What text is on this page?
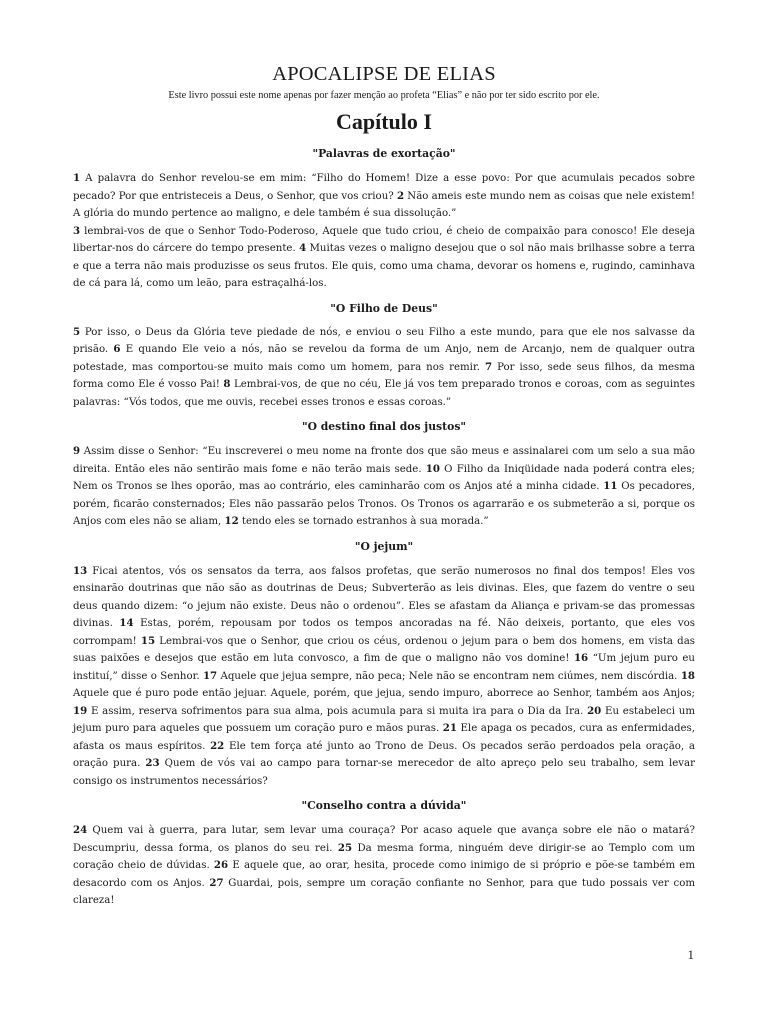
APOCALIPSE DE ELIAS

Este livro possui este nome apenas por fazer menção ao profeta “Elias” e não por ter sido escrito por ele.

Capítulo I
"Palavras de exortação"

1 A palavra do Senhor revelou-se em mim: “Filho do Homem! Dize a esse povo: Por que acumulais pecados sobre pecado? Por que entristeceis a Deus, o Senhor, que vos criou? 2 Não ameis este mundo nem as coisas que nele existem! A glória do mundo pertence ao maligno, e dele também é sua dissolução.”

3 lembrai-vos de que o Senhor Todo-Poderoso, Aquele que tudo criou, é cheio de compaixão para conosco! Ele deseja libertar-nos do cárcere do tempo presente. 4 Muitas vezes o maligno desejou que o sol não mais brilhasse sobre a terra e que a terra não mais produzisse os seus frutos. Ele quis, como uma chama, devorar os homens e, rugindo, caminhava de cá para lá, como um leão, para estraçalhá-los.

"O Filho de Deus"

5 Por isso, o Deus da Glória teve piedade de nós, e enviou o seu Filho a este mundo, para que ele nos salvasse da prisão. 6 E quando Ele veio a nós, não se revelou da forma de um Anjo, nem de Arcanjo, nem de qualquer outra potestade, mas comportou-se muito mais como um homem, para nos remir. 7 Por isso, sede seus filhos, da mesma forma como Ele é vosso Pai! 8 Lembrai-vos, de que no céu, Ele já vos tem preparado tronos e coroas, com as seguintes palavras: “Vós todos, que me ouvis, recebei esses tronos e essas coroas.”

"O destino final dos justos"

9 Assim disse o Senhor: “Eu inscreverei o meu nome na fronte dos que são meus e assinalarei com um selo a sua mão direita. Então eles não sentirão mais fome e não terão mais sede. 10 O Filho da Iniqüidade nada poderá contra eles; Nem os Tronos se lhes oporão, mas ao contrário, eles caminharão com os Anjos até a minha cidade. 11 Os pecadores, porém, ficarão consternados; Eles não passarão pelos Tronos. Os Tronos os agarrarão e os submeterão a si, porque os Anjos com eles não se aliam, 12 tendo eles se tornado estranhos à sua morada.”

"O jejum"

13 Ficai atentos, vós os sensatos da terra, aos falsos profetas, que serão numerosos no final dos tempos! Eles vos ensinarão doutrinas que não são as doutrinas de Deus; Subverterão as leis divinas. Eles, que fazem do ventre o seu deus quando dizem: “o jejum não existe. Deus não o ordenou”. Eles se afastam da Aliança e privam-se das promessas divinas. 14 Estas, porém, repousam por todos os tempos ancoradas na fé. Não deixeis, portanto, que eles vos corrompam! 15 Lembrai-vos que o Senhor, que criou os céus, ordenou o jejum para o bem dos homens, em vista das suas paixões e desejos que estão em luta convosco, a fim de que o maligno não vos domine! 16 “Um jejum puro eu instituí,” disse o Senhor. 17 Aquele que jejua sempre, não peca; Nele não se encontram nem ciúmes, nem discórdia. 18 Aquele que é puro pode então jejuar. Aquele, porém, que jejua, sendo impuro, aborrece ao Senhor, também aos Anjos; 19 E assim, reserva sofrimentos para sua alma, pois acumula para si muita ira para o Dia da Ira. 20 Eu estabeleci um jejum puro para aqueles que possuem um coração puro e mãos puras. 21 Ele apaga os pecados, cura as enfermidades, afasta os maus espíritos. 22 Ele tem força até junto ao Trono de Deus. Os pecados serão perdoados pela oração, a oração pura. 23 Quem de vós vai ao campo para tornar-se merecedor de alto apreço pelo seu trabalho, sem levar consigo os instrumentos necessários?

"Conselho contra a dúvida"

24 Quem vai à guerra, para lutar, sem levar uma couraça? Por acaso aquele que avança sobre ele não o matará? Descumpriu, dessa forma, os planos do seu rei. 25 Da mesma forma, ninguém deve dirigir-se ao Templo com um coração cheio de dúvidas. 26 E aquele que, ao orar, hesita, procede como inimigo de si próprio e põe-se também em desacordo com os Anjos. 27 Guardai, pois, sempre um coração confiante no Senhor, para que tudo possais ver com clareza!

1
